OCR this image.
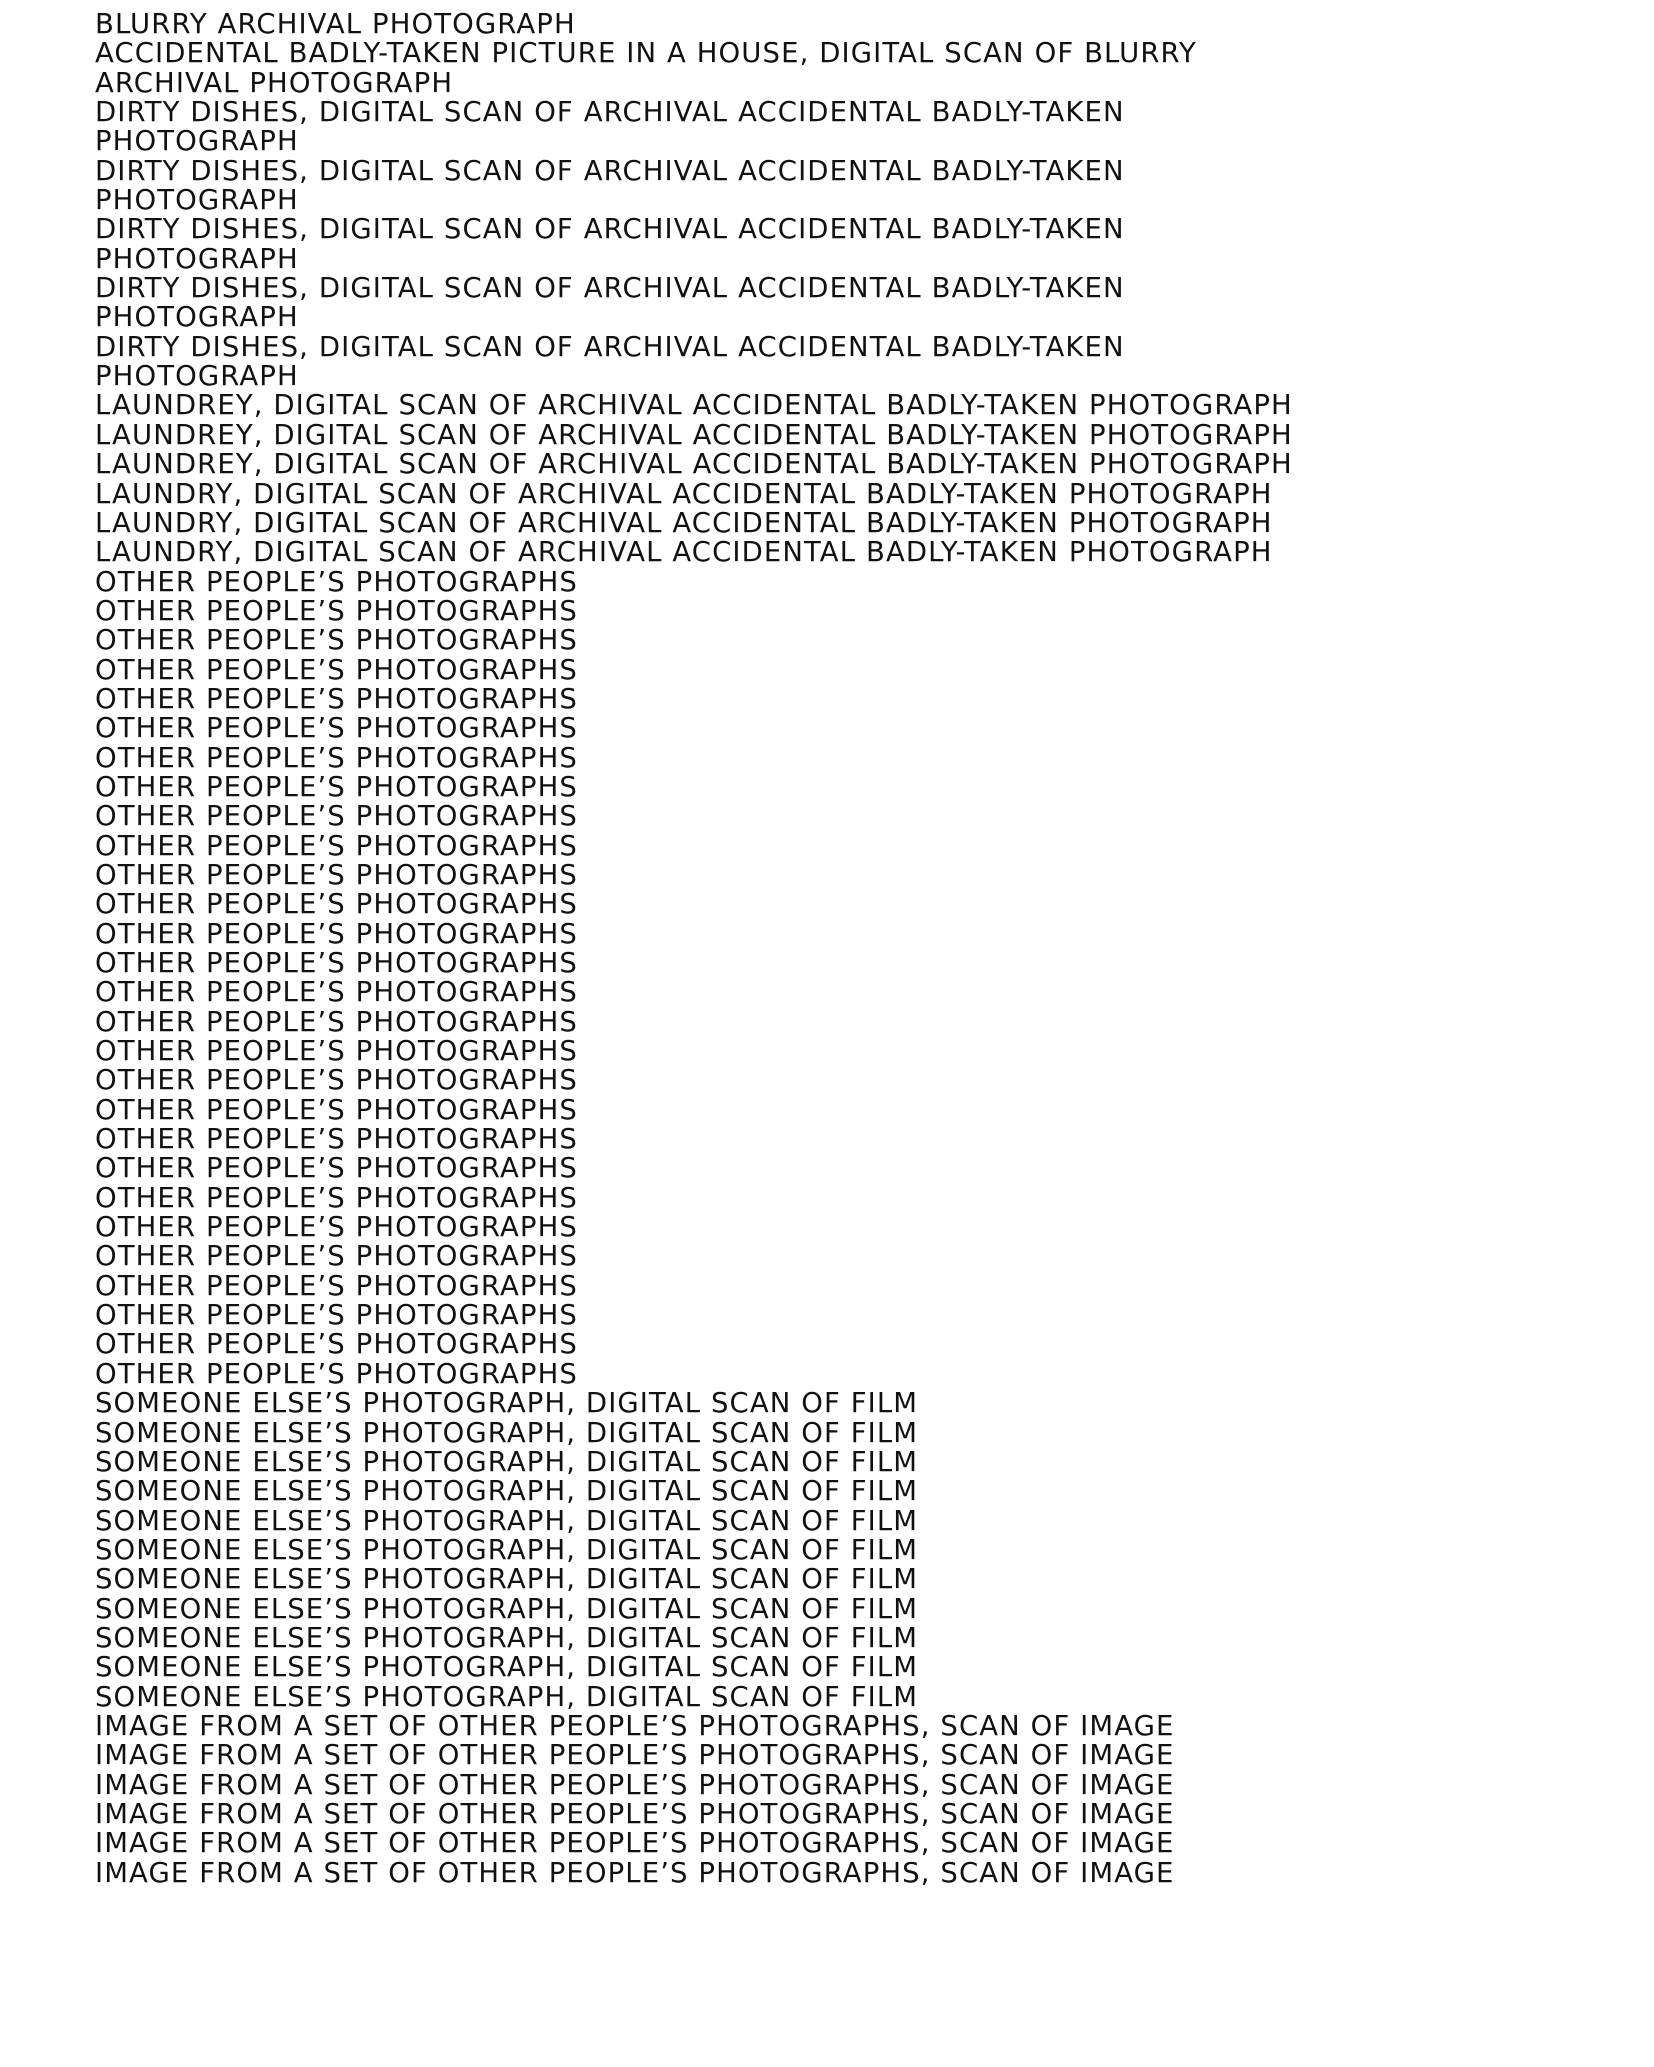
BLURRY ARCHIVAL PHOTOGRAPH
ACCIDENTAL BADLY-TAKEN PICTURE IN A HOUSE, DIGITAL SCAN OF BLURRY ARCHIVAL PHOTOGRAPH
DIRTY DISHES, DIGITAL SCAN OF ARCHIVAL ACCIDENTAL BADLY-TAKEN PHOTOGRAPH
DIRTY DISHES, DIGITAL SCAN OF ARCHIVAL ACCIDENTAL BADLY-TAKEN PHOTOGRAPH
DIRTY DISHES, DIGITAL SCAN OF ARCHIVAL ACCIDENTAL BADLY-TAKEN PHOTOGRAPH
DIRTY DISHES, DIGITAL SCAN OF ARCHIVAL ACCIDENTAL BADLY-TAKEN PHOTOGRAPH
DIRTY DISHES, DIGITAL SCAN OF ARCHIVAL ACCIDENTAL BADLY-TAKEN PHOTOGRAPH
LAUNDREY, DIGITAL SCAN OF ARCHIVAL ACCIDENTAL BADLY-TAKEN PHOTOGRAPH
LAUNDREY, DIGITAL SCAN OF ARCHIVAL ACCIDENTAL BADLY-TAKEN PHOTOGRAPH
LAUNDREY, DIGITAL SCAN OF ARCHIVAL ACCIDENTAL BADLY-TAKEN PHOTOGRAPH
LAUNDRY, DIGITAL SCAN OF ARCHIVAL ACCIDENTAL BADLY-TAKEN PHOTOGRAPH
LAUNDRY, DIGITAL SCAN OF ARCHIVAL ACCIDENTAL BADLY-TAKEN PHOTOGRAPH
LAUNDRY, DIGITAL SCAN OF ARCHIVAL ACCIDENTAL BADLY-TAKEN PHOTOGRAPH
OTHER PEOPLE’S PHOTOGRAPHS
OTHER PEOPLE’S PHOTOGRAPHS
OTHER PEOPLE’S PHOTOGRAPHS
OTHER PEOPLE’S PHOTOGRAPHS
OTHER PEOPLE’S PHOTOGRAPHS
OTHER PEOPLE’S PHOTOGRAPHS
OTHER PEOPLE’S PHOTOGRAPHS
OTHER PEOPLE’S PHOTOGRAPHS
OTHER PEOPLE’S PHOTOGRAPHS
OTHER PEOPLE’S PHOTOGRAPHS
OTHER PEOPLE’S PHOTOGRAPHS
OTHER PEOPLE’S PHOTOGRAPHS
OTHER PEOPLE’S PHOTOGRAPHS
OTHER PEOPLE’S PHOTOGRAPHS
OTHER PEOPLE’S PHOTOGRAPHS
OTHER PEOPLE’S PHOTOGRAPHS
OTHER PEOPLE’S PHOTOGRAPHS
OTHER PEOPLE’S PHOTOGRAPHS
OTHER PEOPLE’S PHOTOGRAPHS
OTHER PEOPLE’S PHOTOGRAPHS
OTHER PEOPLE’S PHOTOGRAPHS
OTHER PEOPLE’S PHOTOGRAPHS
OTHER PEOPLE’S PHOTOGRAPHS
OTHER PEOPLE’S PHOTOGRAPHS
OTHER PEOPLE’S PHOTOGRAPHS
OTHER PEOPLE’S PHOTOGRAPHS
OTHER PEOPLE’S PHOTOGRAPHS
OTHER PEOPLE’S PHOTOGRAPHS
SOMEONE ELSE’S PHOTOGRAPH, DIGITAL SCAN OF FILM
SOMEONE ELSE’S PHOTOGRAPH, DIGITAL SCAN OF FILM
SOMEONE ELSE’S PHOTOGRAPH, DIGITAL SCAN OF FILM
SOMEONE ELSE’S PHOTOGRAPH, DIGITAL SCAN OF FILM
SOMEONE ELSE’S PHOTOGRAPH, DIGITAL SCAN OF FILM
SOMEONE ELSE’S PHOTOGRAPH, DIGITAL SCAN OF FILM
SOMEONE ELSE’S PHOTOGRAPH, DIGITAL SCAN OF FILM
SOMEONE ELSE’S PHOTOGRAPH, DIGITAL SCAN OF FILM
SOMEONE ELSE’S PHOTOGRAPH, DIGITAL SCAN OF FILM
SOMEONE ELSE’S PHOTOGRAPH, DIGITAL SCAN OF FILM
SOMEONE ELSE’S PHOTOGRAPH, DIGITAL SCAN OF FILM
IMAGE FROM A SET OF OTHER PEOPLE’S PHOTOGRAPHS, SCAN OF IMAGE
IMAGE FROM A SET OF OTHER PEOPLE’S PHOTOGRAPHS, SCAN OF IMAGE
IMAGE FROM A SET OF OTHER PEOPLE’S PHOTOGRAPHS, SCAN OF IMAGE
IMAGE FROM A SET OF OTHER PEOPLE’S PHOTOGRAPHS, SCAN OF IMAGE
IMAGE FROM A SET OF OTHER PEOPLE’S PHOTOGRAPHS, SCAN OF IMAGE
IMAGE FROM A SET OF OTHER PEOPLE’S PHOTOGRAPHS, SCAN OF IMAGE
